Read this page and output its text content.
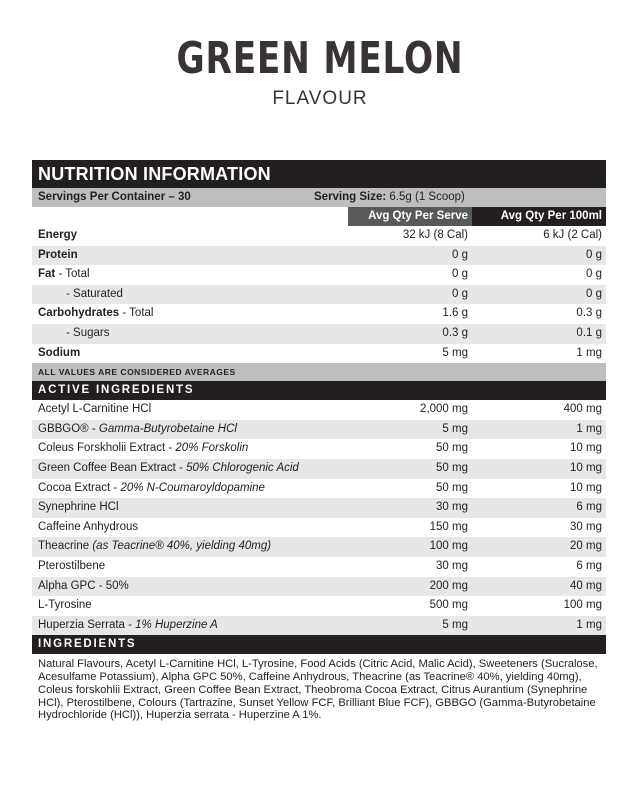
GREEN MELON
FLAVOUR
NUTRITION INFORMATION
Servings Per Container – 30	Serving Size: 6.5g (1 Scoop)
Avg Qty Per Serve	Avg Qty Per 100ml
Energy	32 kJ (8 Cal)	6 kJ (2 Cal)
Protein	0 g	0 g
Fat - Total	0 g	0 g
- Saturated	0 g	0 g
Carbohydrates - Total	1.6 g	0.3 g
- Sugars	0.3 g	0.1 g
Sodium	5 mg	1 mg
ALL VALUES ARE CONSIDERED AVERAGES
ACTIVE INGREDIENTS
Acetyl L-Carnitine HCl	2,000 mg	400 mg
GBBGO® - Gamma-Butyrobetaine HCl	5 mg	1 mg
Coleus Forskholii Extract - 20% Forskolin	50 mg	10 mg
Green Coffee Bean Extract - 50% Chlorogenic Acid	50 mg	10 mg
Cocoa Extract - 20% N-Coumaroyldopamine	50 mg	10 mg
Synephrine HCl	30 mg	6 mg
Caffeine Anhydrous	150 mg	30 mg
Theacrine (as Teacrine® 40%, yielding 40mg)	100 mg	20 mg
Pterostilbene	30 mg	6 mg
Alpha GPC - 50%	200 mg	40 mg
L-Tyrosine	500 mg	100 mg
Huperzia Serrata - 1% Huperzine A	5 mg	1 mg
INGREDIENTS
Natural Flavours, Acetyl L-Carnitine HCl, L-Tyrosine, Food Acids (Citric Acid, Malic Acid), Sweeteners (Sucralose, Acesulfame Potassium), Alpha GPC 50%, Caffeine Anhydrous, Theacrine (as Teacrine® 40%, yielding 40mg), Coleus forskohlii Extract, Green Coffee Bean Extract, Theobroma Cocoa Extract, Citrus Aurantium (Synephrine HCl), Pterostilbene, Colours (Tartrazine, Sunset Yellow FCF, Brilliant Blue FCF), GBBGO (Gamma-Butyrobetaine Hydrochloride (HCl)), Huperzia serrata - Huperzine A 1%.
